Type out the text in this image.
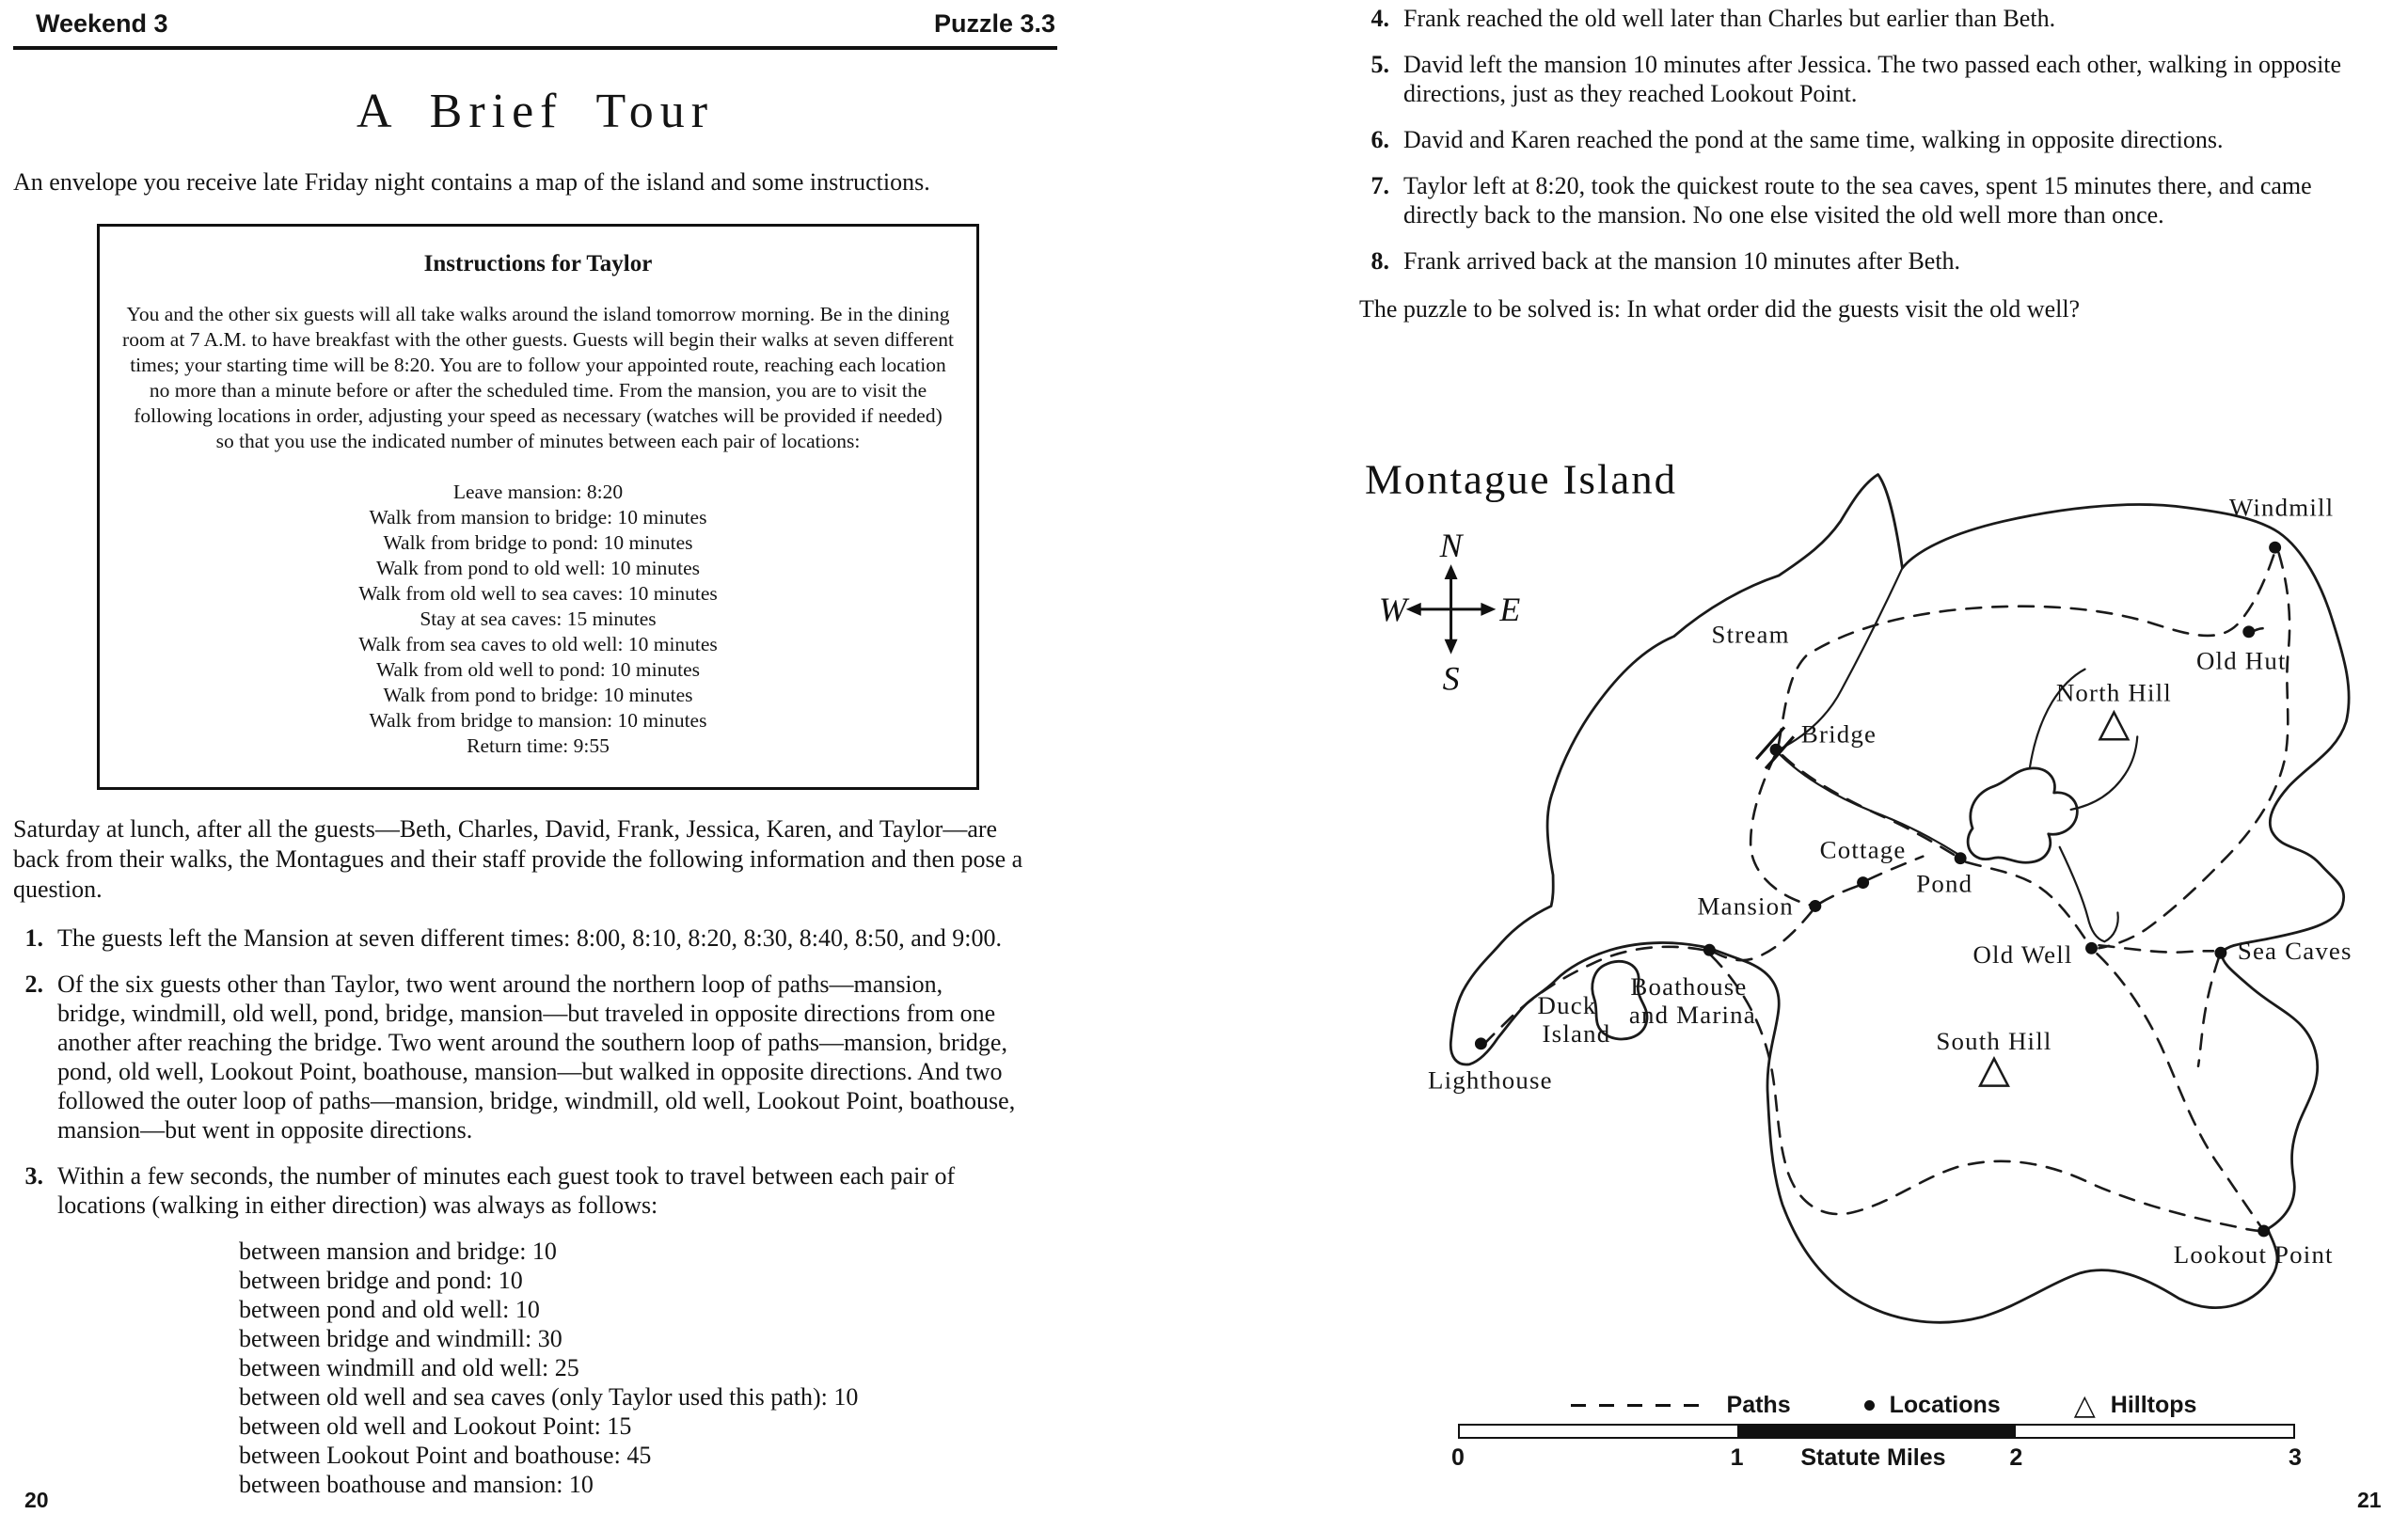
Weekend 3	Puzzle 3.3
A Brief Tour
An envelope you receive late Friday night contains a map of the island and some instructions.
Instructions for Taylor
You and the other six guests will all take walks around the island tomorrow morning. Be in the dining
room at 7 A.M. to have breakfast with the other guests. Guests will begin their walks at seven different
times; your starting time will be 8:20. You are to follow your appointed route, reaching each location
no more than a minute before or after the scheduled time. From the mansion, you are to visit the
following locations in order, adjusting your speed as necessary (watches will be provided if needed)
so that you use the indicated number of minutes between each pair of locations:
Leave mansion: 8:20
Walk from mansion to bridge: 10 minutes
Walk from bridge to pond: 10 minutes
Walk from pond to old well: 10 minutes
Walk from old well to sea caves: 10 minutes
Stay at sea caves: 15 minutes
Walk from sea caves to old well: 10 minutes
Walk from old well to pond: 10 minutes
Walk from pond to bridge: 10 minutes
Walk from bridge to mansion: 10 minutes
Return time: 9:55
Saturday at lunch, after all the guests—Beth, Charles, David, Frank, Jessica, Karen, and Taylor—are back from their walks, the Montagues and their staff provide the following information and then pose a question.
1. The guests left the Mansion at seven different times: 8:00, 8:10, 8:20, 8:30, 8:40, 8:50, and 9:00.
2. Of the six guests other than Taylor, two went around the northern loop of paths—mansion, bridge, windmill, old well, pond, bridge, mansion—but traveled in opposite directions from one another after reaching the bridge. Two went around the southern loop of paths—mansion, bridge, pond, old well, Lookout Point, boathouse, mansion—but walked in opposite directions. And two followed the outer loop of paths—mansion, bridge, windmill, old well, Lookout Point, boathouse, mansion—but went in opposite directions.
3. Within a few seconds, the number of minutes each guest took to travel between each pair of locations (walking in either direction) was always as follows:
between mansion and bridge: 10
between bridge and pond: 10
between pond and old well: 10
between bridge and windmill: 30
between windmill and old well: 25
between old well and sea caves (only Taylor used this path): 10
between old well and Lookout Point: 15
between Lookout Point and boathouse: 45
between boathouse and mansion: 10
20
4. Frank reached the old well later than Charles but earlier than Beth.
5. David left the mansion 10 minutes after Jessica. The two passed each other, walking in opposite directions, just as they reached Lookout Point.
6. David and Karen reached the pond at the same time, walking in opposite directions.
7. Taylor left at 8:20, took the quickest route to the sea caves, spent 15 minutes there, and came directly back to the mansion. No one else visited the old well more than once.
8. Frank arrived back at the mansion 10 minutes after Beth.
The puzzle to be solved is: In what order did the guests visit the old well?
Montague Island
N
W	E
S
Stream
Windmill
Old Hut
North Hill
Bridge
Cottage
Pond
Mansion
Old Well	Sea Caves
Boathouse
and Marina
Duck
Island
Lighthouse
South Hill
Lookout Point
Paths	Locations	△ Hilltops
0	1	2	3
Statute Miles
21
